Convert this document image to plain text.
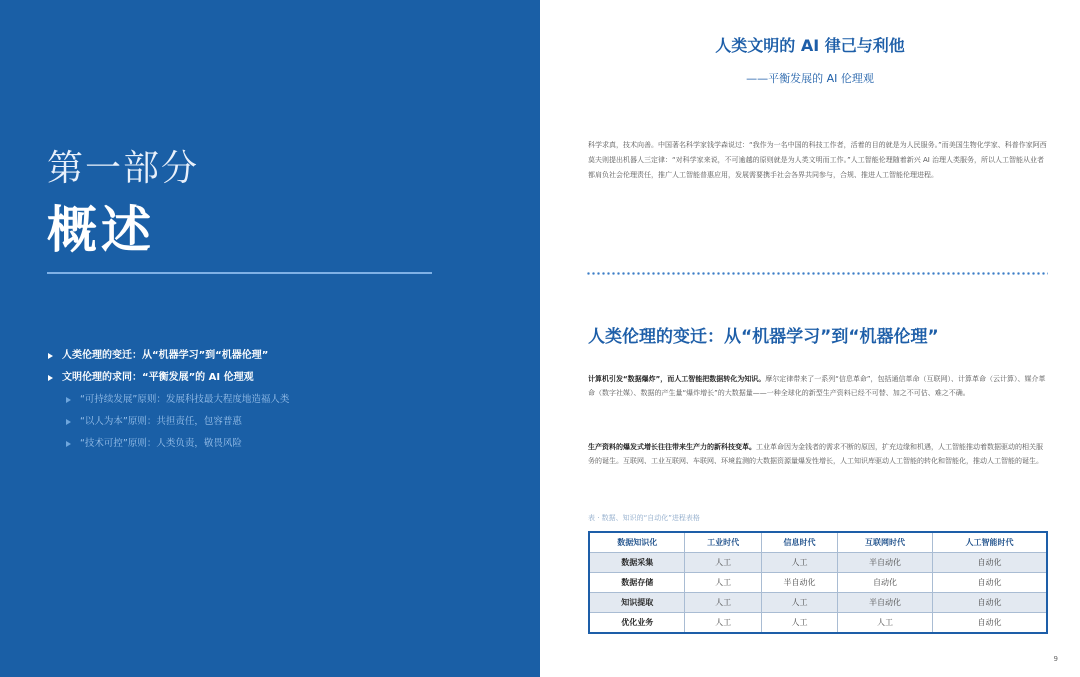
第一部分
概述
人类伦理的变迁：从“机器学习”到“机器伦理”
文明伦理的求同：“平衡发展”的 AI 伦理观
“可持续发展”原则：发展科技最大程度地造福人类
“以人为本”原则：共担责任，包容普惠
“技术可控”原则：人类负责，敬畏风险
人类文明的 AI 律己与利他
——平衡发展的 AI 伦理观
科学求真，技术向善。中国著名科学家钱学森说过：“我作为一名中国的科技工作者，活着的目的就是为人民服务。”而美国生物化学家、科普作家阿西莫夫则提出机器人三定律：“对科学家来说，不可逾越的原则就是为人类文明而工作。”人工智能伦理随着新兴 AI 治理人类服务，所以人工智能从业者都肩负社会伦理责任，推广人工智能普惠应用，发展需要携手社会各界共同参与，合规、推进人工智能伦理进程。
人类伦理的变迁：从“机器学习”到“机器伦理”
计算机引发“数据爆炸”，而人工智能把数据转化为知识。摩尔定律带来了一系列“信息革命”，包括通信革命（互联网）、计算革命（云计算）、媒介革命（数字社媒）、数据的产生量“爆炸增长”的大数据量——一种全球化的新型生产资料已经不可替、加之不可估、难之不确。
生产资料的爆发式增长往往带来生产力的新科技变革。工业革命因为金钱者的需求不断的原因，扩充边缘和机遇，人工智能推动着数据驱动的相关服务的诞生。互联网、工业互联网、车联网、环境监测的大数据资源量爆发性增长，人工知识库驱动人工智能的转化和智能化，推动人工智能的诞生。
表 · 数据、知识的“自动化”进程表格
数据知识化	工业时代	信息时代	互联网时代	人工智能时代
数据采集	人工	人工	半自动化	自动化
数据存储	人工	半自动化	自动化	自动化
知识提取	人工	人工	半自动化	自动化
优化业务	人工	人工	人工	自动化
9
